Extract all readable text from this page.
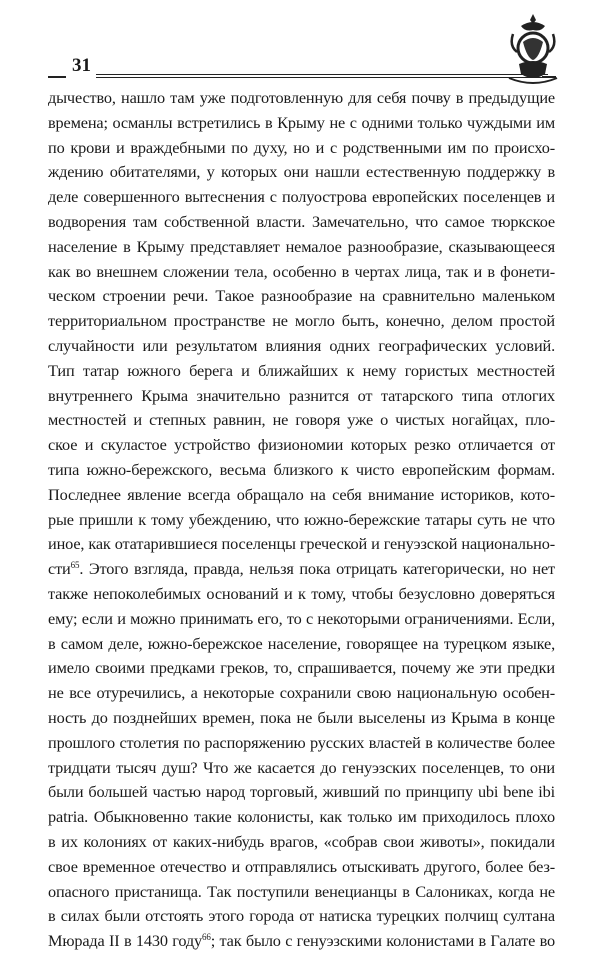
31
дычество, нашло там уже подготовленную для себя почву в предыдущие
времена; османлы встретились в Крыму не с одними только чуждыми им
по крови и враждебными по духу, но и с родственными им по происхо-
ждению обитателями, у которых они нашли естественную поддержку в
деле совершенного вытеснения с полуострова европейских поселенцев и
водворения там собственной власти. Замечательно, что самое тюркское
население в Крыму представляет немалое разнообразие, сказывающееся
как во внешнем сложении тела, особенно в чертах лица, так и в фонети-
ческом строении речи. Такое разнообразие на сравнительно маленьком
территориальном пространстве не могло быть, конечно, делом простой
случайности или результатом влияния одних географических условий.
Тип татар южного берега и ближайших к нему гористых местностей
внутреннего Крыма значительно разнится от татарского типа отлогих
местностей и степных равнин, не говоря уже о чистых ногайцах, пло-
ское и скуластое устройство физиономии которых резко отличается от
типа южно-бережского, весьма близкого к чисто европейским формам.
Последнее явление всегда обращало на себя внимание историков, кото-
рые пришли к тому убеждению, что южно-бережские татары суть не что
иное, как отатарившиеся поселенцы греческой и генуэзской национально-
сти$^{65}$. Этого взгляда, правда, нельзя пока отрицать категорически, но нет
также непоколебимых оснований и к тому, чтобы безусловно доверяться
ему; если и можно принимать его, то с некоторыми ограничениями. Если,
в самом деле, южно-бережское население, говорящее на турецком языке,
имело своими предками греков, то, спрашивается, почему же эти предки
не все отуречились, а некоторые сохранили свою национальную особен-
ность до позднейших времен, пока не были выселены из Крыма в конце
прошлого столетия по распоряжению русских властей в количестве более
тридцати тысяч душ? Что же касается до генуэзских поселенцев, то они
были большей частью народ торговый, живший по принципу ubi bene ibi
patria. Обыкновенно такие колонисты, как только им приходилось плохо
в их колониях от каких-нибудь врагов, «собрав свои животы», покидали
свое временное отечество и отправлялись отыскивать другого, более без-
опасного пристанища. Так поступили венецианцы в Салониках, когда не
в силах были отстоять этого города от натиска турецких полчищ султана
Мюрада II в 1430 году$^{66}$; так было с генуэзскими колонистами в Галате во
